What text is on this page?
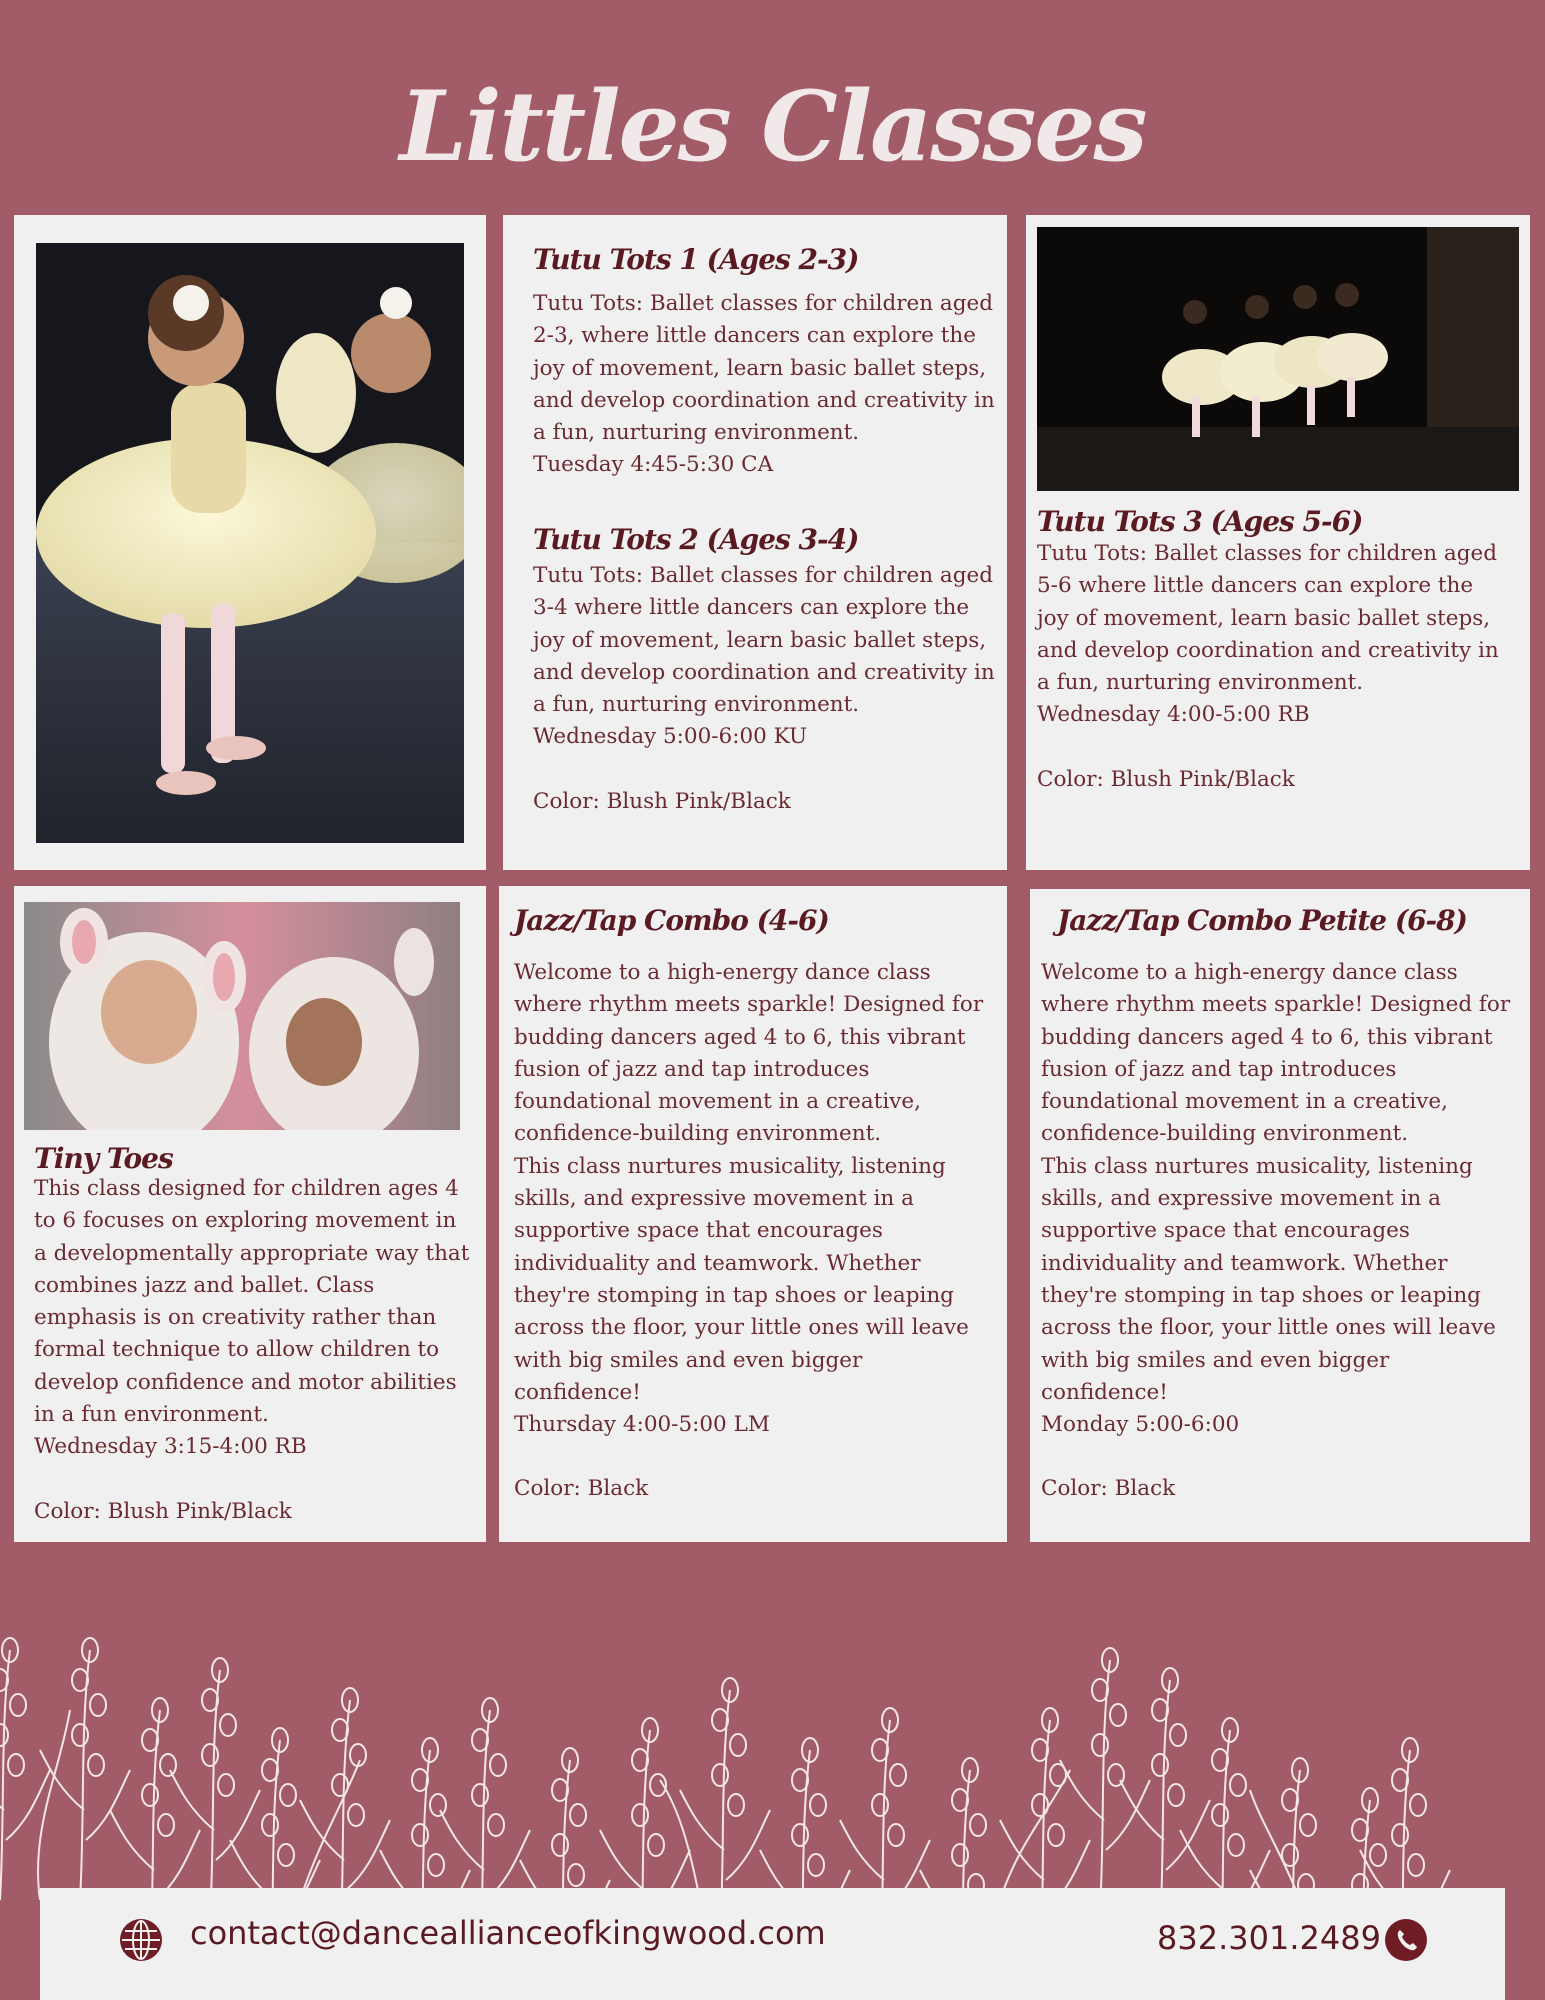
Littles Classes
Tutu Tots 1 (Ages 2-3)
Tutu Tots: Ballet classes for children aged
2-3, where little dancers can explore the
joy of movement, learn basic ballet steps,
and develop coordination and creativity in
a fun, nurturing environment.
Tuesday 4:45-5:30 CA
Tutu Tots 2 (Ages 3-4)
Tutu Tots: Ballet classes for children aged
3-4 where little dancers can explore the
joy of movement, learn basic ballet steps,
and develop coordination and creativity in
a fun, nurturing environment.
Wednesday 5:00-6:00 KU
Color: Blush Pink/Black
Tutu Tots 3 (Ages 5-6)
Tutu Tots: Ballet classes for children aged
5-6 where little dancers can explore the
joy of movement, learn basic ballet steps,
and develop coordination and creativity in
a fun, nurturing environment.
Wednesday 4:00-5:00 RB
Color: Blush Pink/Black
Tiny Toes
This class designed for children ages 4
to 6 focuses on exploring movement in
a developmentally appropriate way that
combines jazz and ballet. Class
emphasis is on creativity rather than
formal technique to allow children to
develop confidence and motor abilities
in a fun environment.
Wednesday 3:15-4:00 RB
Color: Blush Pink/Black
Jazz/Tap Combo (4-6)
Welcome to a high-energy dance class
where rhythm meets sparkle! Designed for
budding dancers aged 4 to 6, this vibrant
fusion of jazz and tap introduces
foundational movement in a creative,
confidence-building environment.
This class nurtures musicality, listening
skills, and expressive movement in a
supportive space that encourages
individuality and teamwork. Whether
they're stomping in tap shoes or leaping
across the floor, your little ones will leave
with big smiles and even bigger
confidence!
Thursday 4:00-5:00 LM
Color: Black
Jazz/Tap Combo Petite (6-8)
Welcome to a high-energy dance class
where rhythm meets sparkle! Designed for
budding dancers aged 4 to 6, this vibrant
fusion of jazz and tap introduces
foundational movement in a creative,
confidence-building environment.
This class nurtures musicality, listening
skills, and expressive movement in a
supportive space that encourages
individuality and teamwork. Whether
they're stomping in tap shoes or leaping
across the floor, your little ones will leave
with big smiles and even bigger
confidence!
Monday 5:00-6:00
Color: Black
contact@dancealliance​ofkingwood.com	832.301.2489
